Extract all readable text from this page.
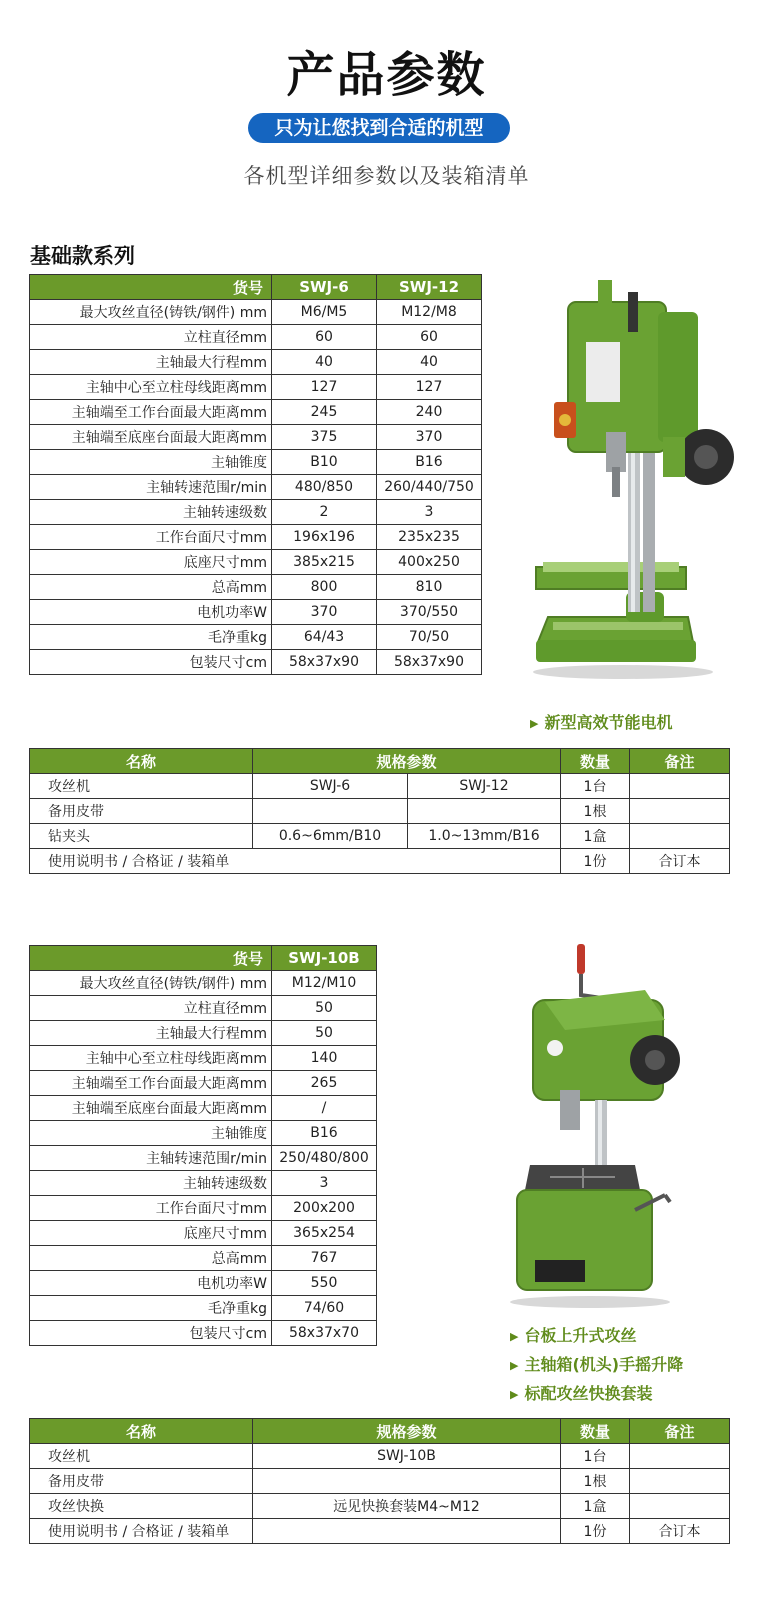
产品参数
只为让您找到合适的机型
各机型详细参数以及装箱清单
基础款系列
货号	SWJ-6	SWJ-12
最大攻丝直径(铸铁/钢件) mm	M6/M5	M12/M8
立柱直径mm	60	60
主轴最大行程mm	40	40
主轴中心至立柱母线距离mm	127	127
主轴端至工作台面最大距离mm	245	240
主轴端至底座台面最大距离mm	375	370
主轴锥度	B10	B16
主轴转速范围r/min	480/850	260/440/750
主轴转速级数	2	3
工作台面尺寸mm	196x196	235x235
底座尺寸mm	385x215	400x250
总高mm	800	810
电机功率W	370	370/550
毛净重kg	64/43	70/50
包装尺寸cm	58x37x90	58x37x90
▶ 新型高效节能电机
名称	规格参数		数量	备注
攻丝机	SWJ-6	SWJ-12	1台	
备用皮带			1根	
钻夹头	0.6~6mm/B10	1.0~13mm/B16	1盒	
使用说明书 / 合格证 / 装箱单			1份	合订本
货号	SWJ-10B
最大攻丝直径(铸铁/钢件) mm	M12/M10
立柱直径mm	50
主轴最大行程mm	50
主轴中心至立柱母线距离mm	140
主轴端至工作台面最大距离mm	265
主轴端至底座台面最大距离mm	/
主轴锥度	B16
主轴转速范围r/min	250/480/800
主轴转速级数	3
工作台面尺寸mm	200x200
底座尺寸mm	365x254
总高mm	767
电机功率W	550
毛净重kg	74/60
包装尺寸cm	58x37x70	▶ 台板上升式攻丝
▶ 主轴箱(机头)手摇升降
▶ 标配攻丝快换套装
名称	规格参数	数量	备注
攻丝机	SWJ-10B	1台	
备用皮带		1根	
攻丝快换	远见快换套装M4~M12	1盒	
使用说明书 / 合格证 / 装箱单		1份	合订本
